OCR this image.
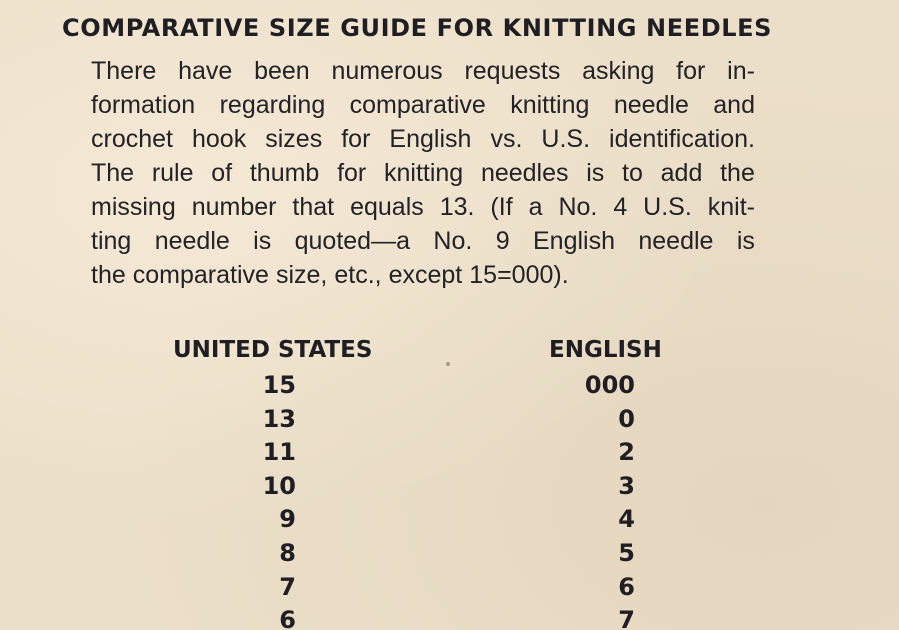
COMPARATIVE SIZE GUIDE FOR KNITTING NEEDLES
There have been numerous requests asking for in-
formation regarding comparative knitting needle and
crochet hook sizes for English vs. U.S. identification.
The rule of thumb for knitting needles is to add the
missing number that equals 13. (If a No. 4 U.S. knit-
ting needle is quoted—a No. 9 English needle is
the comparative size, etc., except 15=000).
UNITED STATES	ENGLISH
15	000
13	0
11	2
10	3
9	4
8	5
7	6
6	7
